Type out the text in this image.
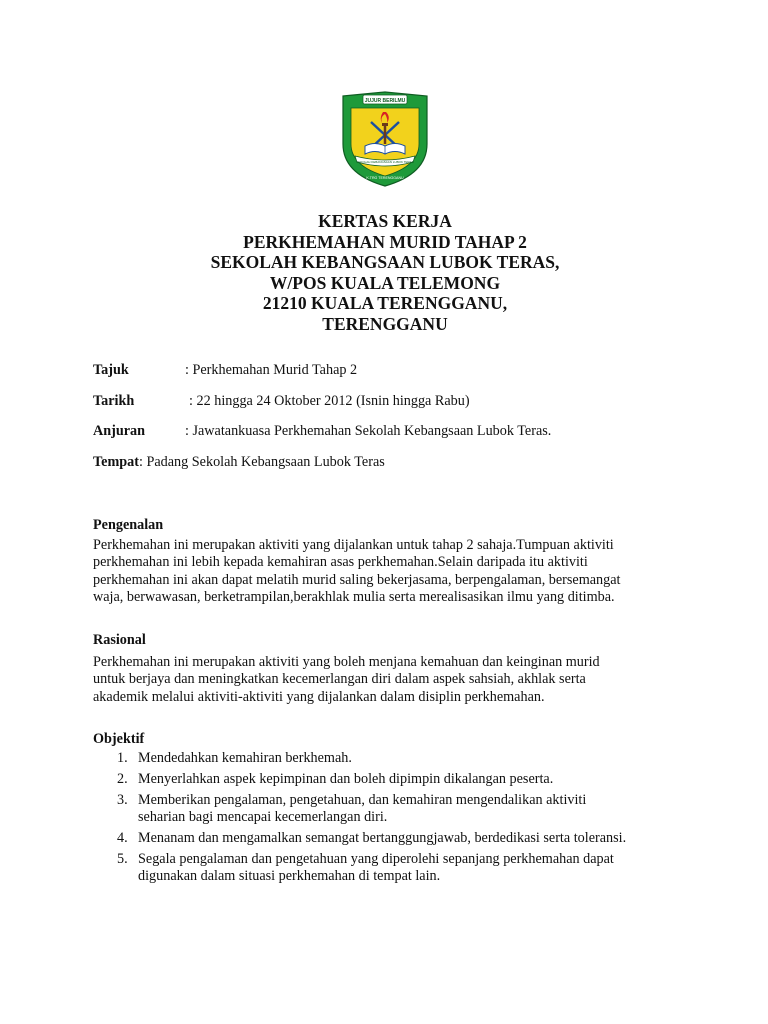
JUJUR BERILMU
SEKOLAH KEBANGSAAN LUBOK TERAS
K.TRG TERENGGANU
KERTAS KERJA
PERKHEMAHAN MURID TAHAP 2
SEKOLAH KEBANGSAAN LUBOK TERAS,
W/POS KUALA TELEMONG
21210 KUALA TERENGGANU,
TERENGGANU
Tajuk	: Perkhemahan Murid Tahap 2
Tarikh	: 22 hingga 24 Oktober 2012 (Isnin hingga Rabu)
Anjuran	: Jawatankuasa Perkhemahan Sekolah Kebangsaan Lubok Teras.
Tempat: Padang Sekolah Kebangsaan Lubok Teras
Pengenalan
Perkhemahan ini merupakan aktiviti yang dijalankan untuk tahap 2 sahaja.Tumpuan aktiviti
perkhemahan ini lebih kepada kemahiran asas perkhemahan.Selain daripada itu aktiviti
perkhemahan ini akan dapat melatih murid saling bekerjasama, berpengalaman, bersemangat
waja, berwawasan, berketrampilan,berakhlak mulia serta merealisasikan ilmu yang ditimba.
Rasional
Perkhemahan ini merupakan aktiviti yang boleh menjana kemahuan dan keinginan murid
untuk berjaya dan meningkatkan kecemerlangan diri dalam aspek sahsiah, akhlak serta
akademik melalui aktiviti-aktiviti yang dijalankan dalam disiplin perkhemahan.
Objektif
1. Mendedahkan kemahiran berkhemah.
2. Menyerlahkan aspek kepimpinan dan boleh dipimpin dikalangan peserta.
3. Memberikan pengalaman, pengetahuan, dan kemahiran mengendalikan aktiviti
seharian bagi mencapai kecemerlangan diri.
4. Menanam dan mengamalkan semangat bertanggungjawab, berdedikasi serta toleransi.
5. Segala pengalaman dan pengetahuan yang diperolehi sepanjang perkhemahan dapat
digunakan dalam situasi perkhemahan di tempat lain.
